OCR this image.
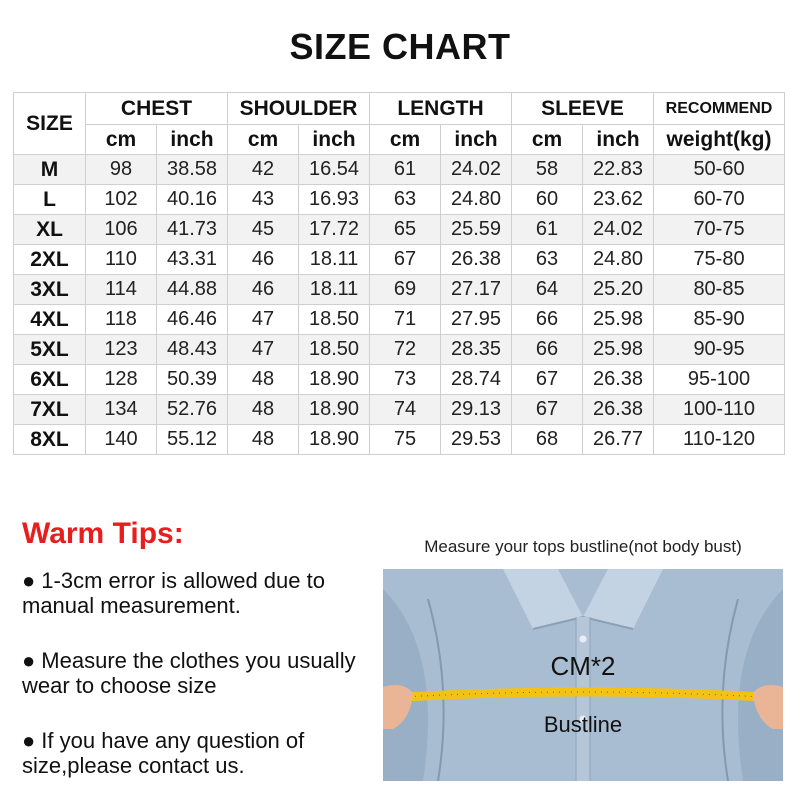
SIZE CHART
SIZE	CHEST		SHOULDER		LENGTH		SLEEVE		RECOMMEND
	cm	inch	cm	inch	cm	inch	cm	inch	weight(kg)
M	98	38.58	42	16.54	61	24.02	58	22.83	50-60
L	102	40.16	43	16.93	63	24.80	60	23.62	60-70
XL	106	41.73	45	17.72	65	25.59	61	24.02	70-75
2XL	110	43.31	46	18.11	67	26.38	63	24.80	75-80
3XL	114	44.88	46	18.11	69	27.17	64	25.20	80-85
4XL	118	46.46	47	18.50	71	27.95	66	25.98	85-90
5XL	123	48.43	47	18.50	72	28.35	66	25.98	90-95
6XL	128	50.39	48	18.90	73	28.74	67	26.38	95-100
7XL	134	52.76	48	18.90	74	29.13	67	26.38	100-110
8XL	140	55.12	48	18.90	75	29.53	68	26.77	110-120
Warm Tips:
● 1-3cm error is allowed due to manual measurement.
● Measure the clothes you usually wear to choose size
● If you have any question of size,please contact us.
Measure your tops bustline(not body bust)
CM*2
Bustline
